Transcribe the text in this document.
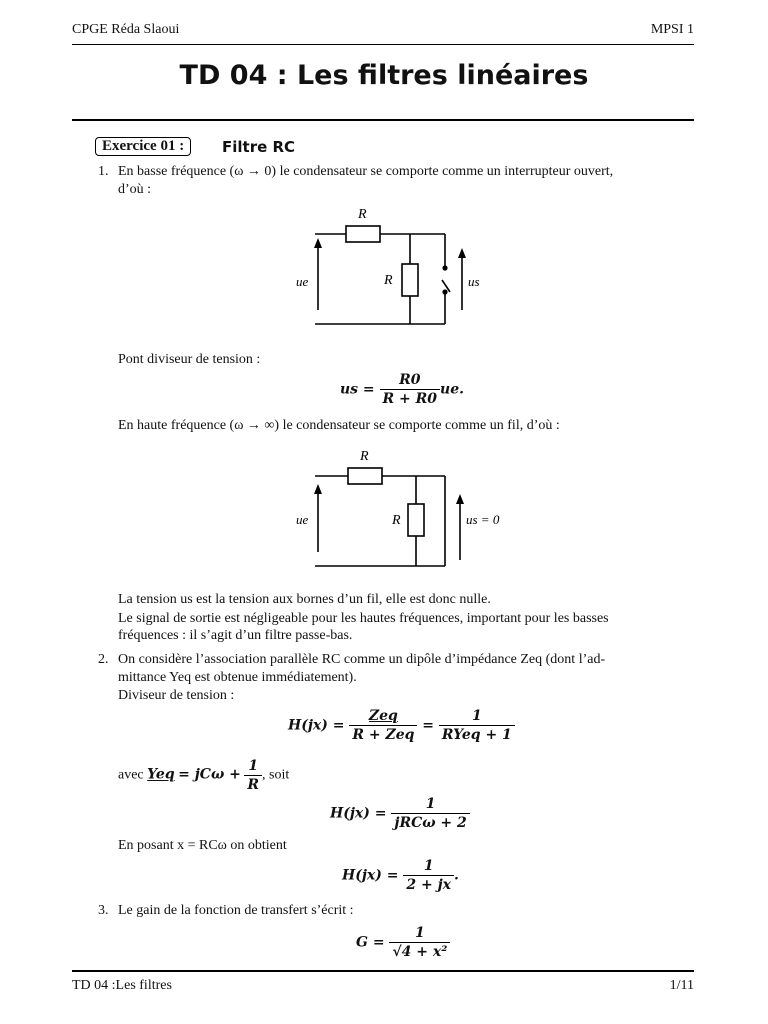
CPGE Réda Slaoui	MPSI 1
TD 04 : Les filtres linéaires
Exercice 01 :	Filtre RC
1. En basse fréquence (ω → 0) le condensateur se comporte comme un interrupteur ouvert,
d’où :
R
R
ue	us
Pont diviseur de tension :
us = $\frac{R0}{R + R0}$ ue.
En haute fréquence (ω → ∞) le condensateur se comporte comme un fil, d’où :
R
R
ue	us = 0
La tension us est la tension aux bornes d’un fil, elle est donc nulle.
Le signal de sortie est négligeable pour les hautes fréquences, important pour les basses
fréquences : il s’agit d’un filtre passe-bas.
2. On considère l’association parallèle RC comme un dipôle d’impédance Zeq (dont l’ad-
mittance Yeq est obtenue immédiatement).
Diviseur de tension :
$H(jx) = \frac{\text{Zeq}}{\text{R + Zeq}} = \frac{1}{\text{RYeq + 1}}$
avec Yeq = $jC\omega + \frac{1}{R}$ , soit
$H(jx) = \frac{1}{\text{jRCω + 2}}$
En posant x = RCω on obtient
$H(jx) = \frac{1}{2 + jx}$ .
3. Le gain de la fonction de transfert s’écrit :
$G = \frac{1}{\text{√4 + x²}}$
TD 04 :Les filtres	1/11
